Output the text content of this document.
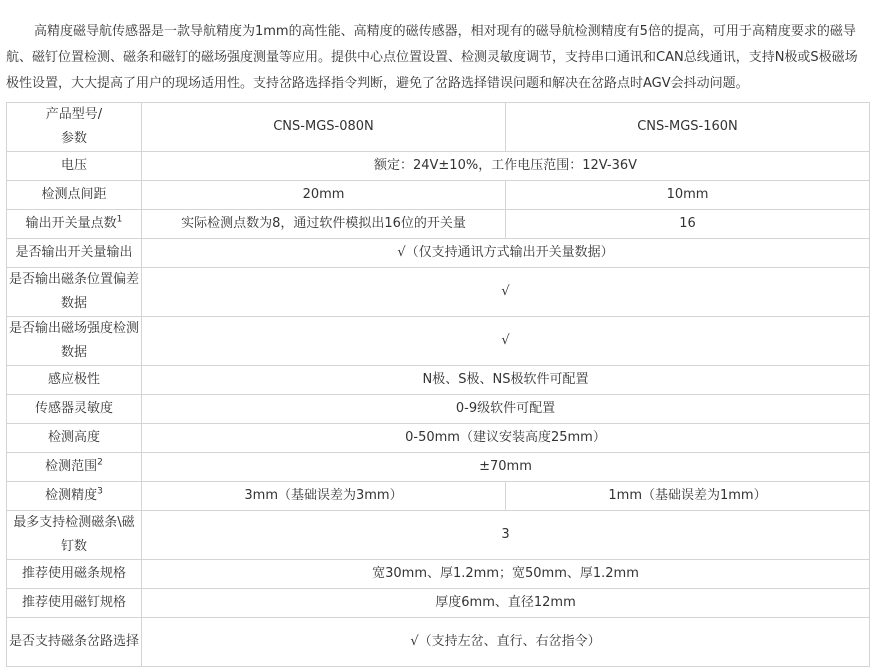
高精度磁导航传感器是一款导航精度为1mm的高性能、高精度的磁传感器，相对现有的磁导航检测精度有5倍的提高，可用于高精度要求的磁导航、磁钉位置检测、磁条和磁钉的磁场强度测量等应用。提供中心点位置设置、检测灵敏度调节，支持串口通讯和CAN总线通讯，支持N极或S极磁场极性设置，大大提高了用户的现场适用性。支持岔路选择指令判断，避免了岔路选择错误问题和解决在岔路点时AGV会抖动问题。

产品型号/
参数	CNS-MGS-080N	CNS-MGS-160N
电压	额定：24V±10%，工作电压范围：12V-36V	
检测点间距	20mm	10mm
输出开关量点数$^1$	实际检测点数为8，通过软件模拟出16位的开关量	16
是否输出开关量输出	√（仅支持通讯方式输出开关量数据）	
是否输出磁条位置偏差数据	√	
是否输出磁场强度检测数据	√	
感应极性	N极、S极、NS极软件可配置	
传感器灵敏度	0-9级软件可配置	
检测高度	0-50mm（建议安装高度25mm）	
检测范围$^2$	±70mm	
检测精度$^3$	3mm（基础误差为3mm）	1mm（基础误差为1mm）
最多支持检测磁条\磁钉数	3	
推荐使用磁条规格	宽30mm、厚1.2mm；宽50mm、厚1.2mm	
推荐使用磁钉规格	厚度6mm、直径12mm	
是否支持磁条岔路选择	√（支持左岔、直行、右岔指令）	
